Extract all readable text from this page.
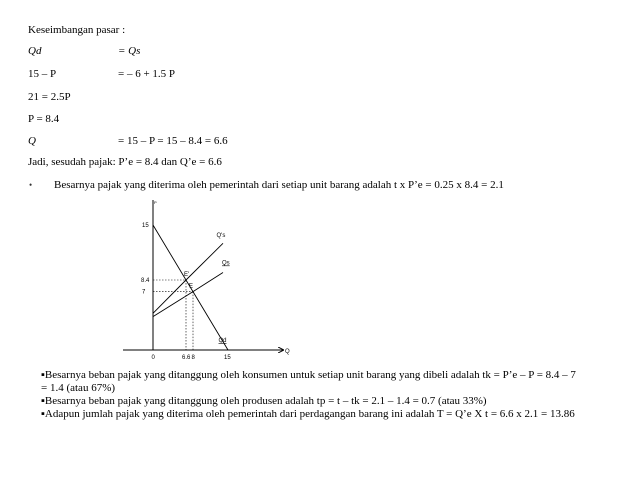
Keseimbangan pasar :
Qd	= Qs
15 – P	= – 6 + 1.5 P
21 = 2.5P
P = 8.4
Q	= 15 – P = 15 – 8.4 = 6.6
Jadi, sesudah pajak: P’e = 8.4 dan Q’e = 6.6
• Besarnya pajak yang diterima oleh pemerintah dari setiap unit barang adalah t x P’e = 0.25 x 8.4 = 2.1
0	6.6 8	15
15
8.4
7
P
Q
Q's
Qs
Qd
E'
E

▪Besarnya beban pajak yang ditanggung oleh konsumen untuk setiap unit barang yang dibeli adalah tk = P’e – P = 8.4 – 7 = 1.4 (atau 67%)

▪Besarnya beban pajak yang ditanggung oleh produsen adalah tp = t – tk = 2.1 – 1.4 = 0.7 (atau 33%)

▪Adapun jumlah pajak yang diterima oleh pemerintah dari perdagangan barang ini adalah T = Q’e X t = 6.6 x 2.1 = 13.86
